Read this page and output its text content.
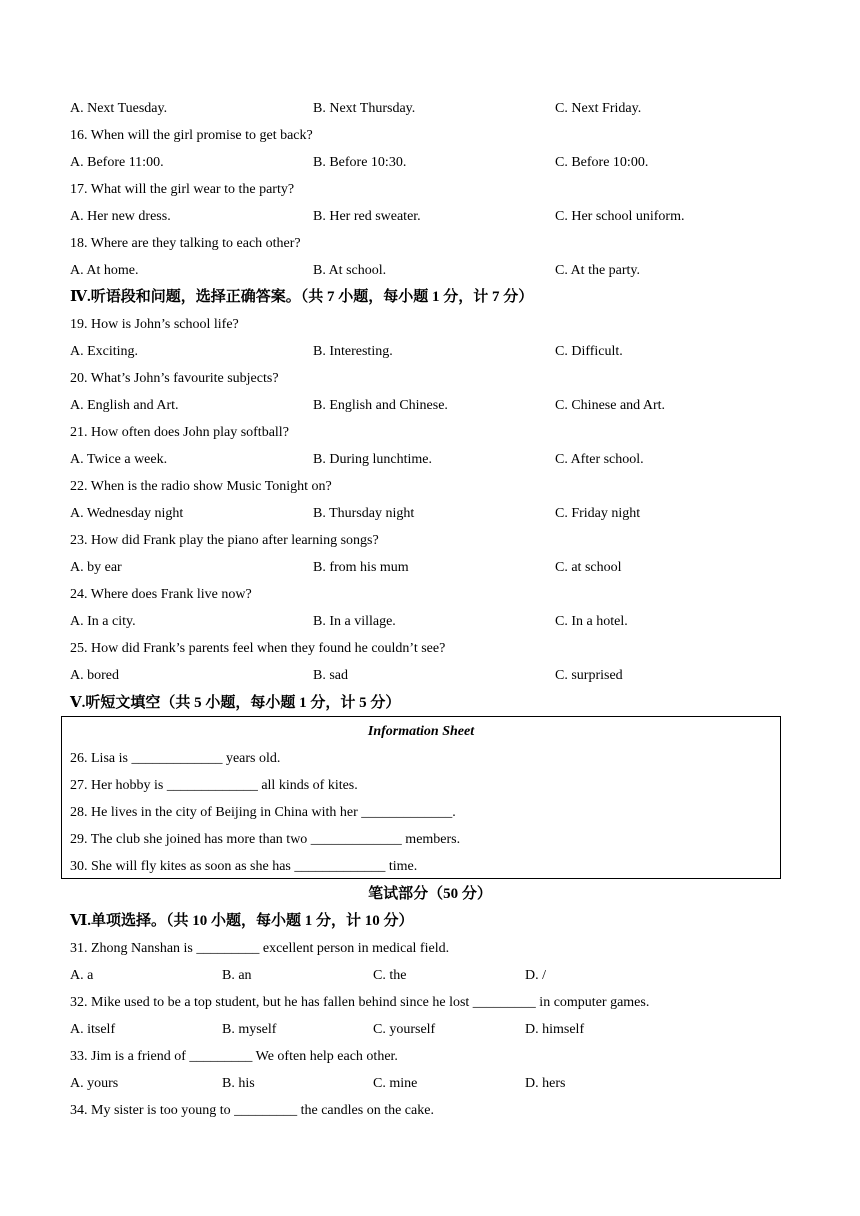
A. Next Tuesday.	B. Next Thursday.	C. Next Friday.
16. When will the girl promise to get back?
A. Before 11:00.	B. Before 10:30.	C. Before 10:00.
17. What will the girl wear to the party?
A. Her new dress.	B. Her red sweater.	C. Her school uniform.
18. Where are they talking to each other?
A. At home.	B. At school.	C. At the party.
Ⅳ.听语段和问题，选择正确答案。（共 7 小题，每小题 1 分，计 7 分）
19. How is John’s school life?
A. Exciting.	B. Interesting.	C. Difficult.
20. What’s John’s favourite subjects?
A. English and Art.	B. English and Chinese.	C. Chinese and Art.
21. How often does John play softball?
A. Twice a week.	B. During lunchtime.	C. After school.
22. When is the radio show Music Tonight on?
A. Wednesday night	B. Thursday night	C. Friday night
23. How did Frank play the piano after learning songs?
A. by ear	B. from his mum	C. at school
24. Where does Frank live now?
A. In a city.	B. In a village.	C. In a hotel.
25. How did Frank’s parents feel when they found he couldn’t see?
A. bored	B. sad	C. surprised
Ⅴ.听短文填空（共 5 小题，每小题 1 分，计 5 分）
Information Sheet
26. Lisa is _____________ years old.
27. Her hobby is _____________ all kinds of kites.
28. He lives in the city of Beijing in China with her _____________.
29. The club she joined has more than two _____________ members.
30. She will fly kites as soon as she has _____________ time.
笔试部分（50 分）
Ⅵ.单项选择。（共 10 小题，每小题 1 分，计 10 分）
31. Zhong Nanshan is _________ excellent person in medical field.
A. a	B. an	C. the	D. /
32. Mike used to be a top student, but he has fallen behind since he lost _________ in computer games.
A. itself	B. myself	C. yourself	D. himself
33. Jim is a friend of _________ We often help each other.
A. yours	B. his	C. mine	D. hers
34. My sister is too young to _________ the candles on the cake.
